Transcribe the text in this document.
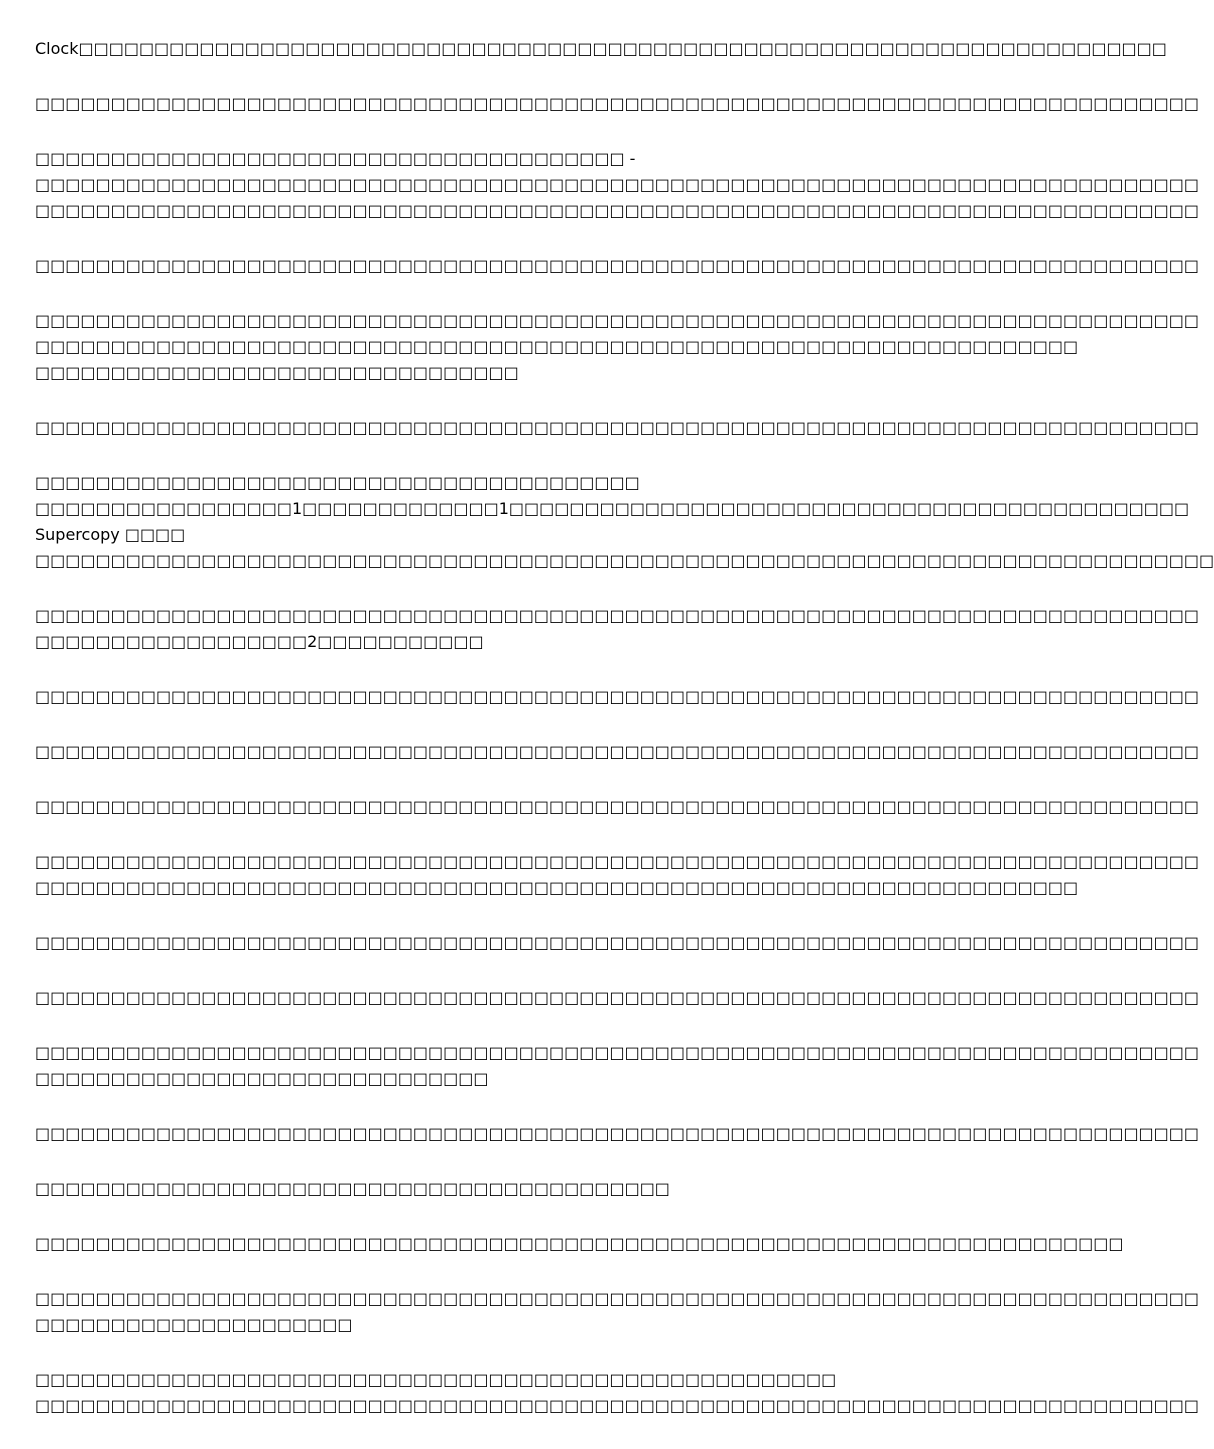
Clock□□□□□□□□□□□□□□□□□□□□□□□□□□□□□□□□□□□□□□□□□□□□□□□□□□□□□□□□□□□□□□□□□□□□□□□□
□□□□□□□□□□□□□□□□□□□□□□□□□□□□□□□□□□□□□□□□□□□□□□□□□□□□□□□□□□□□□□□□□□□□□□□□□□□□□
□□□□□□□□□□□□□□□□□□□□□□□□□□□□□□□□□□□□□□□ -
□□□□□□□□□□□□□□□□□□□□□□□□□□□□□□□□□□□□□□□□□□□□□□□□□□□□□□□□□□□□□□□□□□□□□□□□□□□□□
□□□□□□□□□□□□□□□□□□□□□□□□□□□□□□□□□□□□□□□□□□□□□□□□□□□□□□□□□□□□□□□□□□□□□□□□□□□□□
□□□□□□□□□□□□□□□□□□□□□□□□□□□□□□□□□□□□□□□□□□□□□□□□□□□□□□□□□□□□□□□□□□□□□□□□□□□□□
□□□□□□□□□□□□□□□□□□□□□□□□□□□□□□□□□□□□□□□□□□□□□□□□□□□□□□□□□□□□□□□□□□□□□□□□□□□□□
□□□□□□□□□□□□□□□□□□□□□□□□□□□□□□□□□□□□□□□□□□□□□□□□□□□□□□□□□□□□□□□□□□□□□
□□□□□□□□□□□□□□□□□□□□□□□□□□□□□□□□
□□□□□□□□□□□□□□□□□□□□□□□□□□□□□□□□□□□□□□□□□□□□□□□□□□□□□□□□□□□□□□□□□□□□□□□□□□□□□
□□□□□□□□□□□□□□□□□□□□□□□□□□□□□□□□□□□□□□□□
□□□□□□□□□□□□□□□□□1□□□□□□□□□□□□□1□□□□□□□□□□□□□□□□□□□□□□□□□□□□□□□□□□□□□□□□□□□□□
Supercopy □□□□
□□□□□□□□□□□□□□□□□□□□□□□□□□□□□□□□□□□□□□□□□□□□□□□□□□□□□□□□□□□□□□□□□□□□□□□□□□□□□□
□□□□□□□□□□□□□□□□□□□□□□□□□□□□□□□□□□□□□□□□□□□□□□□□□□□□□□□□□□□□□□□□□□□□□□□□□□□□□
□□□□□□□□□□□□□□□□□□2□□□□□□□□□□□
□□□□□□□□□□□□□□□□□□□□□□□□□□□□□□□□□□□□□□□□□□□□□□□□□□□□□□□□□□□□□□□□□□□□□□□□□□□□□
□□□□□□□□□□□□□□□□□□□□□□□□□□□□□□□□□□□□□□□□□□□□□□□□□□□□□□□□□□□□□□□□□□□□□□□□□□□□□
□□□□□□□□□□□□□□□□□□□□□□□□□□□□□□□□□□□□□□□□□□□□□□□□□□□□□□□□□□□□□□□□□□□□□□□□□□□□□
□□□□□□□□□□□□□□□□□□□□□□□□□□□□□□□□□□□□□□□□□□□□□□□□□□□□□□□□□□□□□□□□□□□□□□□□□□□□□
□□□□□□□□□□□□□□□□□□□□□□□□□□□□□□□□□□□□□□□□□□□□□□□□□□□□□□□□□□□□□□□□□□□□□
□□□□□□□□□□□□□□□□□□□□□□□□□□□□□□□□□□□□□□□□□□□□□□□□□□□□□□□□□□□□□□□□□□□□□□□□□□□□□
□□□□□□□□□□□□□□□□□□□□□□□□□□□□□□□□□□□□□□□□□□□□□□□□□□□□□□□□□□□□□□□□□□□□□□□□□□□□□
□□□□□□□□□□□□□□□□□□□□□□□□□□□□□□□□□□□□□□□□□□□□□□□□□□□□□□□□□□□□□□□□□□□□□□□□□□□□□
□□□□□□□□□□□□□□□□□□□□□□□□□□□□□□
□□□□□□□□□□□□□□□□□□□□□□□□□□□□□□□□□□□□□□□□□□□□□□□□□□□□□□□□□□□□□□□□□□□□□□□□□□□□□
□□□□□□□□□□□□□□□□□□□□□□□□□□□□□□□□□□□□□□□□□□
□□□□□□□□□□□□□□□□□□□□□□□□□□□□□□□□□□□□□□□□□□□□□□□□□□□□□□□□□□□□□□□□□□□□□□□□
□□□□□□□□□□□□□□□□□□□□□□□□□□□□□□□□□□□□□□□□□□□□□□□□□□□□□□□□□□□□□□□□□□□□□□□□□□□□□
□□□□□□□□□□□□□□□□□□□□□
□□□□□□□□□□□□□□□□□□□□□□□□□□□□□□□□□□□□□□□□□□□□□□□□□□□□□
□□□□□□□□□□□□□□□□□□□□□□□□□□□□□□□□□□□□□□□□□□□□□□□□□□□□□□□□□□□□□□□□□□□□□□□□□□□□□
